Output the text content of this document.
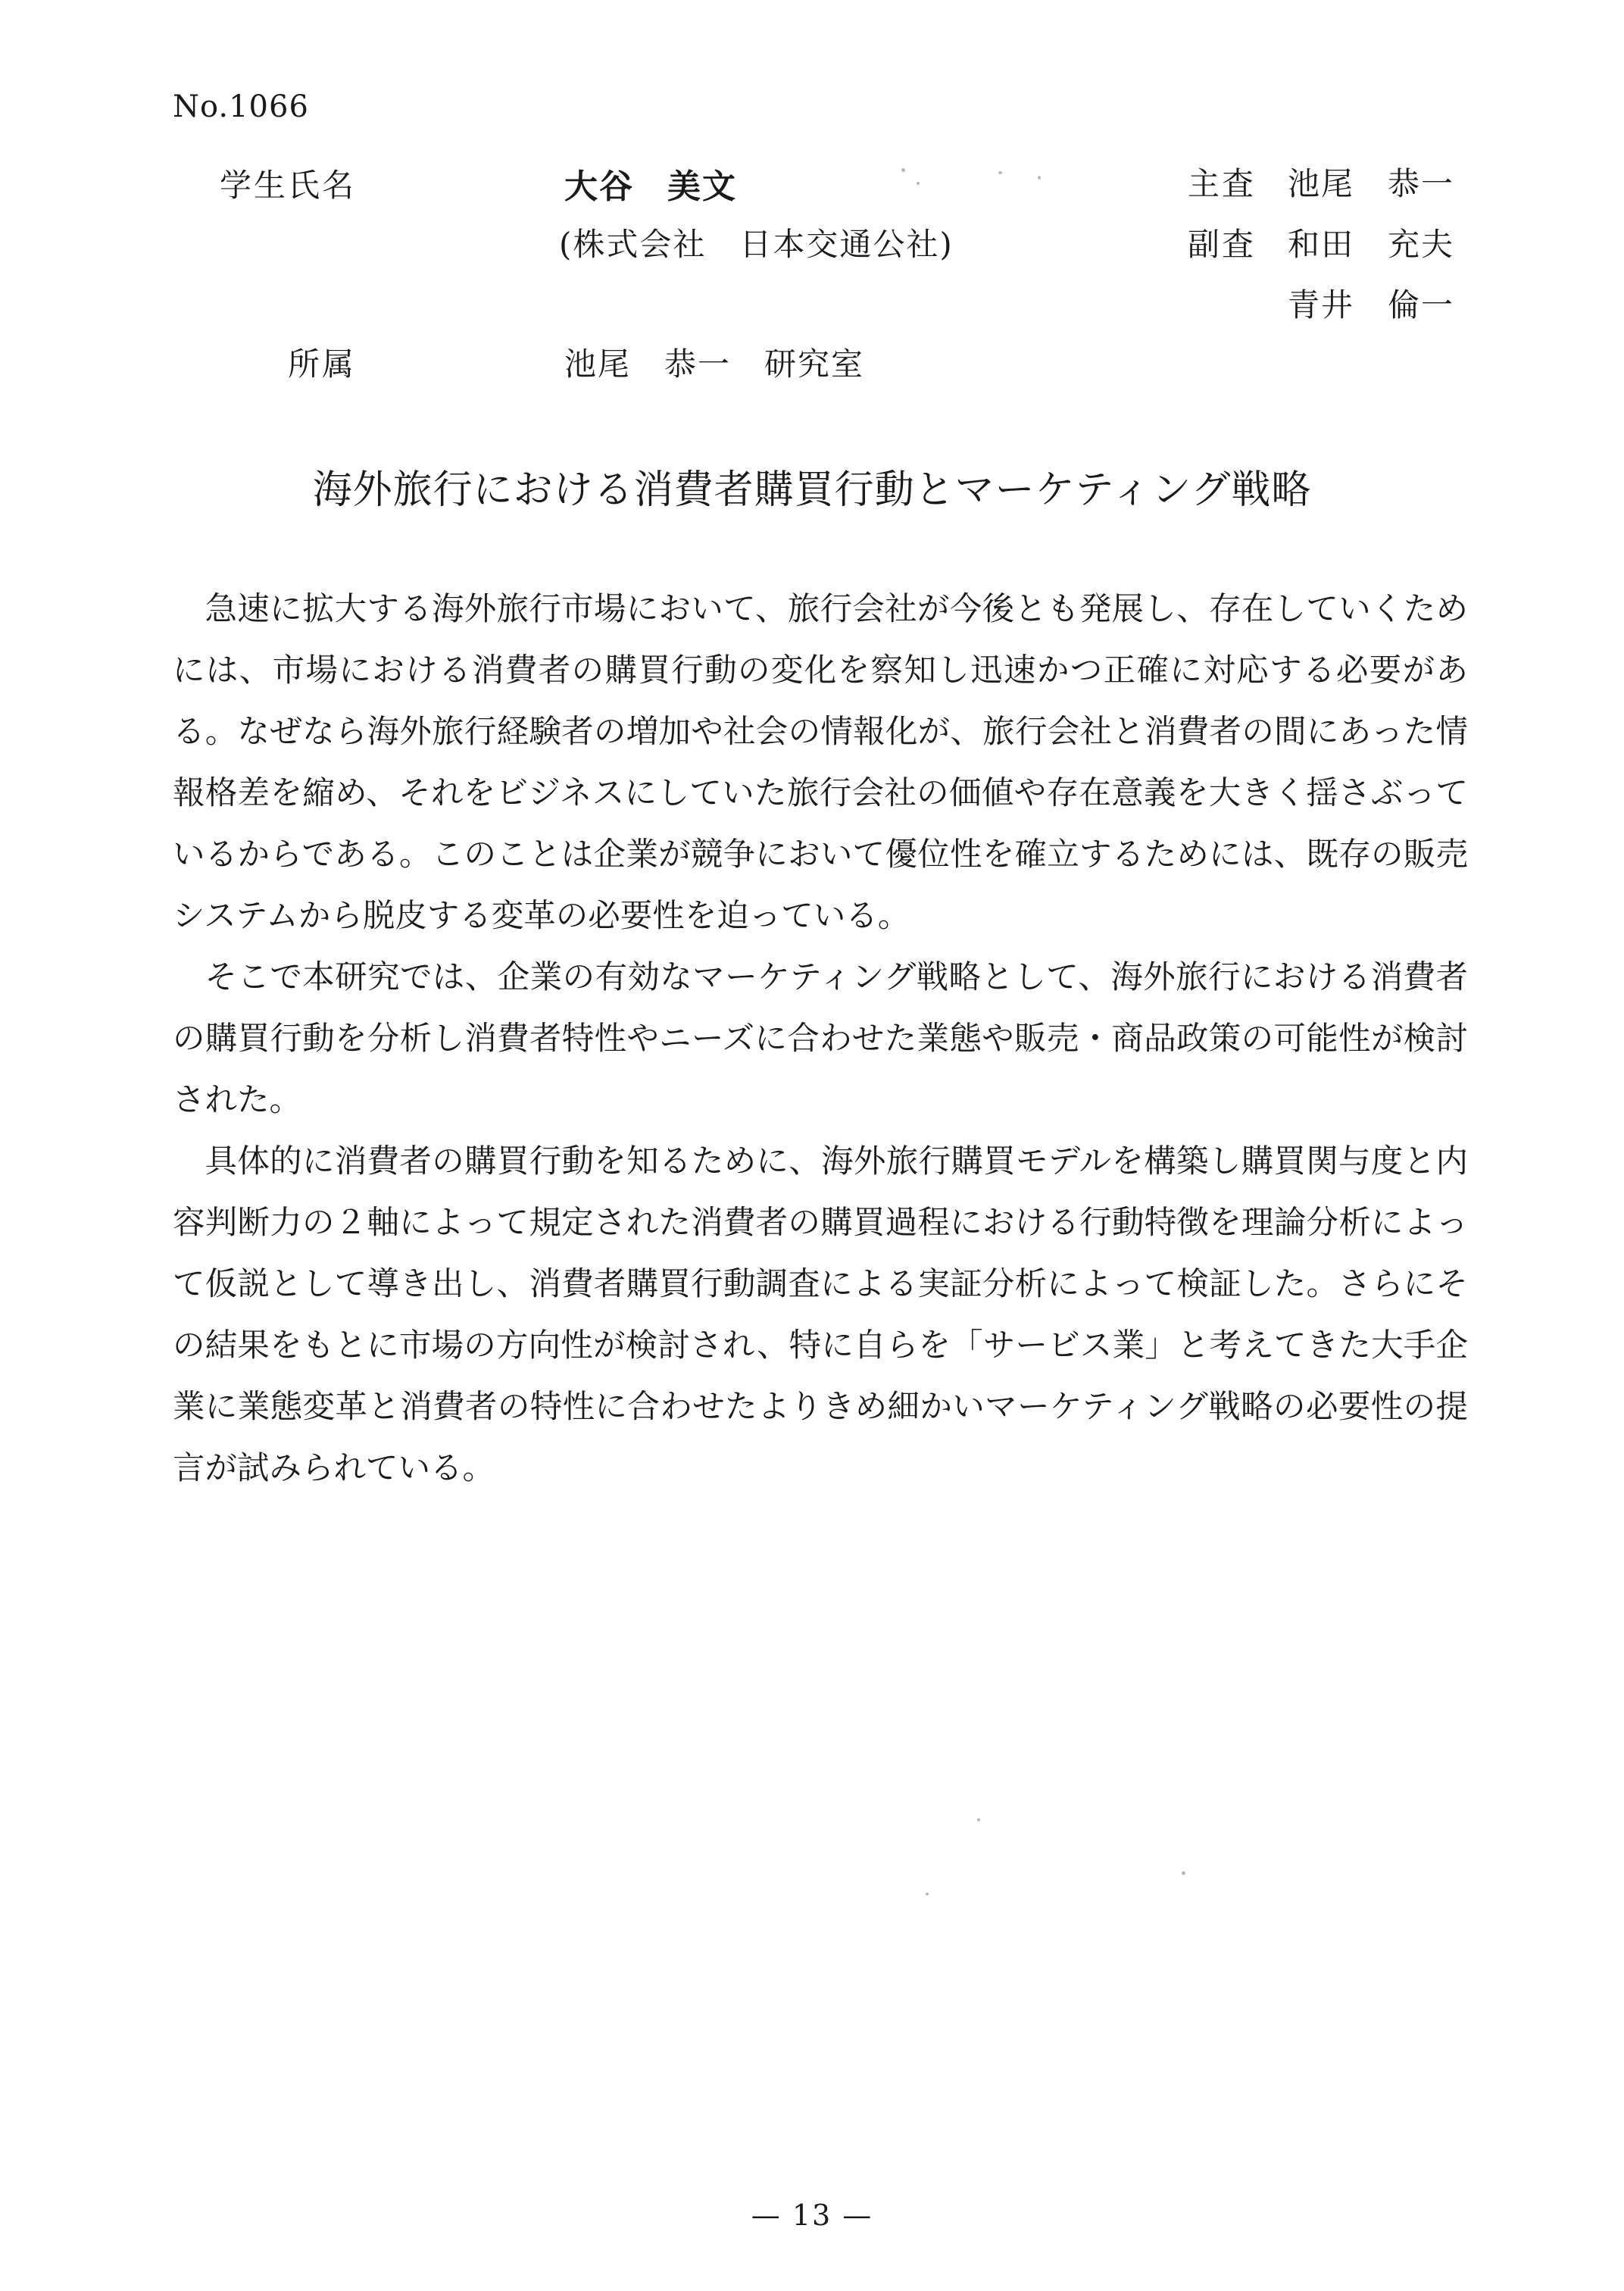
No.1066
学生氏名	大谷 美文
(株式会社　日本交通公社)
所属	池尾　恭一　研究室
主査 池尾　恭一
副査 和田　充夫
青井　倫一
海外旅行における消費者購買行動とマーケティング戦略

急速に拡大する海外旅行市場において、旅行会社が今後とも発展し、存在していくためには、市場における消費者の購買行動の変化を察知し迅速かつ正確に対応する必要がある。なぜなら海外旅行経験者の増加や社会の情報化が、旅行会社と消費者の間にあった情報格差を縮め、それをビジネスにしていた旅行会社の価値や存在意義を大きく揺さぶっているからである。このことは企業が競争において優位性を確立するためには、既存の販売システムから脱皮する変革の必要性を迫っている。

そこで本研究では、企業の有効なマーケティング戦略として、海外旅行における消費者の購買行動を分析し消費者特性やニーズに合わせた業態や販売・商品政策の可能性が検討された。

具体的に消費者の購買行動を知るために、海外旅行購買モデルを構築し購買関与度と内容判断力の２軸によって規定された消費者の購買過程における行動特徴を理論分析によって仮説として導き出し、消費者購買行動調査による実証分析によって検証した。さらにその結果をもとに市場の方向性が検討され、特に自らを「サービス業」と考えてきた大手企業に業態変革と消費者の特性に合わせたよりきめ細かいマーケティング戦略の必要性の提言が試みられている。

— 13 —
